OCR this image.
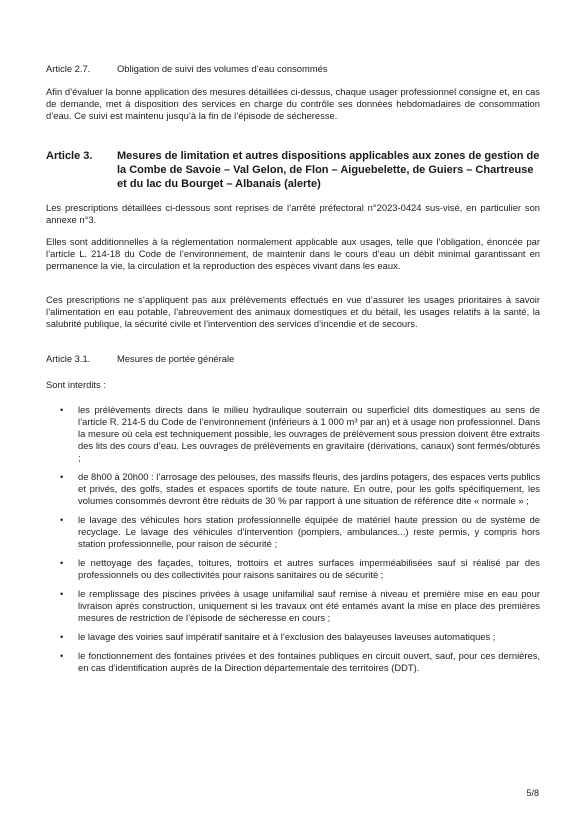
Article 2.7.	Obligation de suivi des volumes d’eau consommés

Afin d’évaluer la bonne application des mesures détaillées ci-dessus, chaque usager professionnel consigne et, en cas de demande, met à disposition des services en charge du contrôle ses données hebdomadaires de consommation d’eau. Ce suivi est maintenu jusqu’à la fin de l’épisode de sécheresse.

Article 3.	Mesures de limitation et autres dispositions applicables aux zones de gestion de la Combe de Savoie – Val Gelon, de Flon – Aiguebelette, de Guiers – Chartreuse et du lac du Bourget – Albanais (alerte)

Les prescriptions détaillées ci-dessous sont reprises de l’arrêté préfectoral n°2023-0424 sus-visé, en particulier son annexe n°3.

Elles sont additionnelles à la réglementation normalement applicable aux usages, telle que l’obligation, énoncée par l’article L. 214-18 du Code de l’environnement, de maintenir dans le cours d’eau un débit minimal garantissant en permanence la vie, la circulation et la reproduction des espèces vivant dans les eaux.

Ces prescriptions ne s’appliquent pas aux prélèvements effectués en vue d’assurer les usages prioritaires à savoir l’alimentation en eau potable, l’abreuvement des animaux domestiques et du bétail, les usages relatifs à la santé, la salubrité publique, la sécurité civile et l’intervention des services d’incendie et de secours.

Article 3.1.	Mesures de portée générale

Sont interdits :

•	les prélèvements directs dans le milieu hydraulique souterrain ou superficiel dits domestiques au sens de l’article R. 214-5 du Code de l’environnement (inférieurs à 1 000 m³ par an) et à usage non professionnel. Dans la mesure où cela est techniquement possible, les ouvrages de prélèvement sous pression doivent être extraits des lits des cours d’eau. Les ouvrages de prélèvements en gravitaire (dérivations, canaux) sont fermés/obturés ;
•	de 8h00 à 20h00 : l’arrosage des pelouses, des massifs fleuris, des jardins potagers, des espaces verts publics et privés, des golfs, stades et espaces sportifs de toute nature. En outre, pour les golfs spécifiquement, les volumes consommés devront être réduits de 30 % par rapport à une situation de référence dite « normale » ;
•	le lavage des véhicules hors station professionnelle équipée de matériel haute pression ou de système de recyclage. Le lavage des véhicules d’intervention (pompiers, ambulances...) reste permis, y compris hors station professionnelle, pour raison de sécurité ;
•	le nettoyage des façades, toitures, trottoirs et autres surfaces imperméabilisées sauf si réalisé par des professionnels ou des collectivités pour raisons sanitaires ou de sécurité ;
•	le remplissage des piscines privées à usage unifamilial sauf remise à niveau et première mise en eau pour livraison après construction, uniquement si les travaux ont été entamés avant la mise en place des premières mesures de restriction de l’épisode de sécheresse en cours ;
•	le lavage des voiries sauf impératif sanitaire et à l’exclusion des balayeuses laveuses automatiques ;
•	le fonctionnement des fontaines privées et des fontaines publiques en circuit ouvert, sauf, pour ces dernières, en cas d’identification auprès de la Direction départementale des territoires (DDT).
5/8
